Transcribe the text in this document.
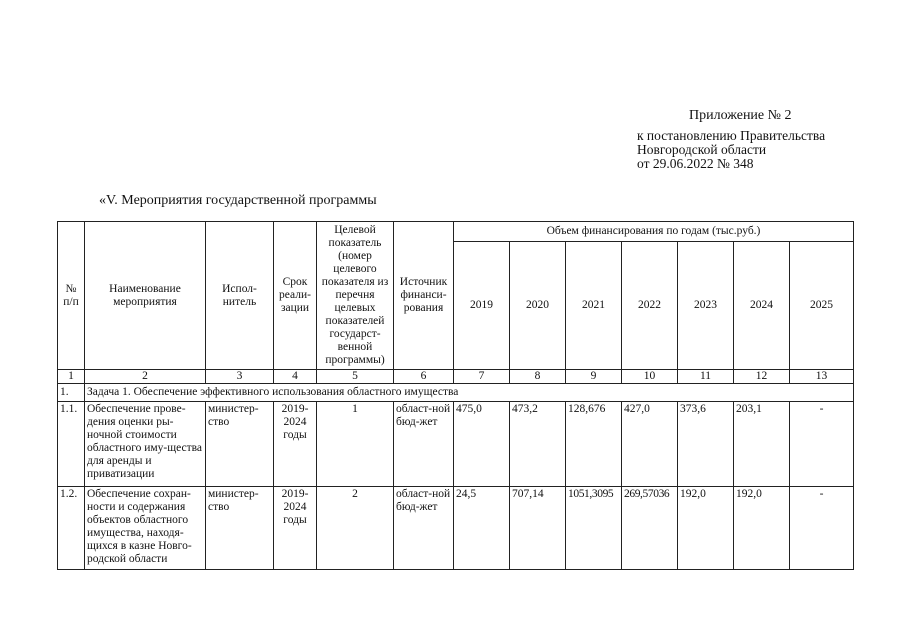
Приложение № 2
к постановлению Правительства
Новгородской области
от 29.06.2022 № 348
«V. Мероприятия государственной программы
№ п/п	Наименование мероприятия	Испол-нитель	Срок реали-зации	Целевой показатель (номер целевого показателя из перечня целевых показателей государст-венной программы)	Источник финанси-рования	Объем финансирования по годам (тыс.руб.)						
						2019	2020	2021	2022	2023	2024	2025
1	2	3	4	5	6	7	8	9	10	11	12	13
1.	Задача 1. Обеспечение эффективного использования областного имущества											
1.1.	Обеспечение прове-дения оценки ры-ночной стоимости областного иму-щества для аренды и приватизации	министер-ство	2019-2024 годы	1	област-ной бюд-жет	475,0	473,2	128,676	427,0	373,6	203,1	-
1.2.	Обеспечение сохран-ности и содержания объектов областного имущества, находя-щихся в казне Новго-родской области	министер-ство	2019-2024 годы	2	област-ной бюд-жет	24,5	707,14	1051,3095	269,57036	192,0	192,0	-
